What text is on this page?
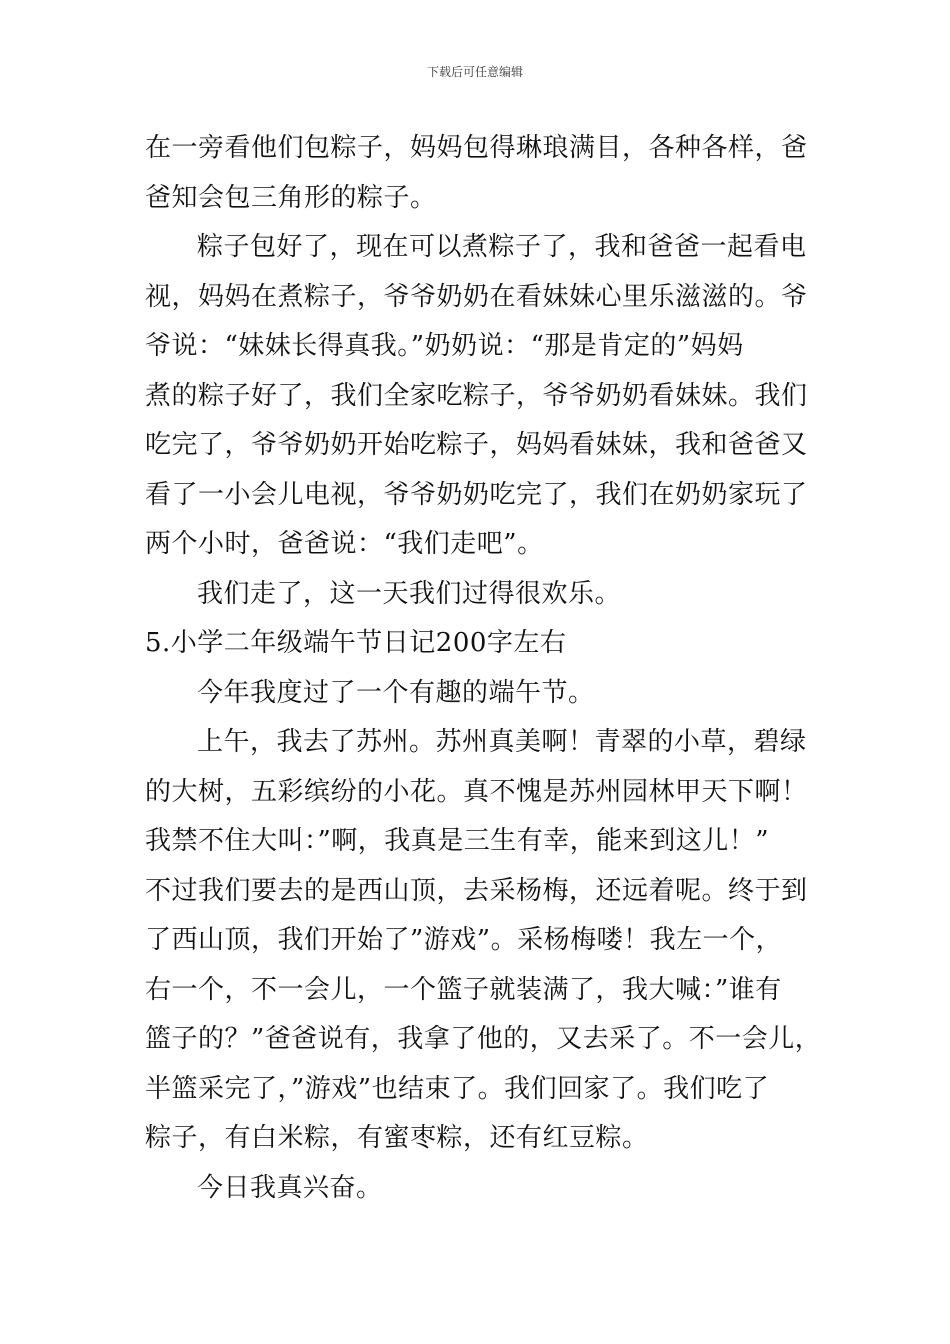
下载后可任意编辑
在一旁看他们包粽子，妈妈包得琳琅满目，各种各样，爸
爸知会包三角形的粽子。
粽子包好了，现在可以煮粽子了，我和爸爸一起看电
视，妈妈在煮粽子，爷爷奶奶在看妹妹心里乐滋滋的。爷
爷说：“妹妹长得真我。”奶奶说：“那是肯定的”妈妈
煮的粽子好了，我们全家吃粽子，爷爷奶奶看妹妹。我们
吃完了，爷爷奶奶开始吃粽子，妈妈看妹妹，我和爸爸又
看了一小会儿电视，爷爷奶奶吃完了，我们在奶奶家玩了
两个小时，爸爸说：“我们走吧”。
我们走了，这一天我们过得很欢乐。
5.小学二年级端午节日记200字左右
今年我度过了一个有趣的端午节。
上午，我去了苏州。苏州真美啊！青翠的小草，碧绿
的大树，五彩缤纷的小花。真不愧是苏州园林甲天下啊！
我禁不住大叫：”啊，我真是三生有幸，能来到这儿！”
不过我们要去的是西山顶，去采杨梅，还远着呢。终于到
了西山顶，我们开始了”游戏”。采杨梅喽！我左一个，
右一个，不一会儿，一个篮子就装满了，我大喊：”谁有
篮子的？”爸爸说有，我拿了他的，又去采了。不一会儿，
半篮采完了，”游戏”也结束了。我们回家了。我们吃了
粽子，有白米粽，有蜜枣粽，还有红豆粽。
今日我真兴奋。
